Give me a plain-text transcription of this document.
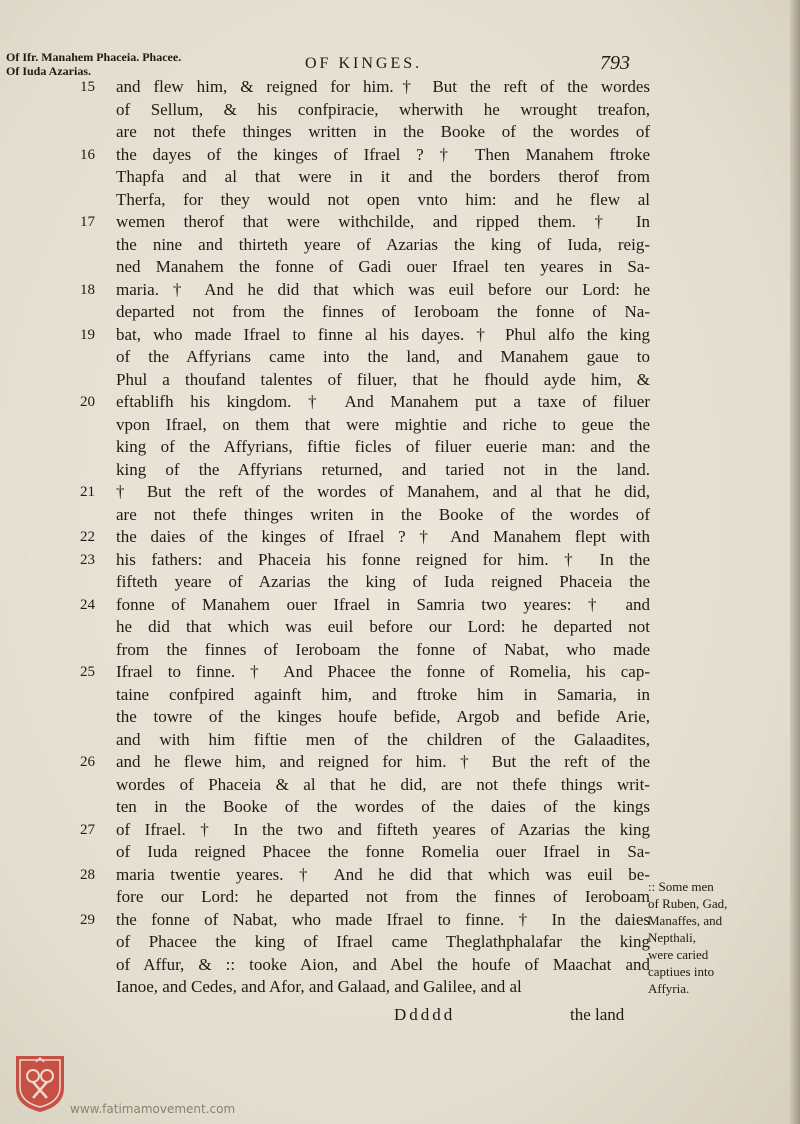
Of Ifr. Manahem Phaceia. Phacee.
Of Iuda Azarias.	OF KINGES.	793
15	and flew him, & reigned for him.† But the reft of the wordes
of Sellum, & his confpiracie, wherwith he wrought treafon,
are not thefe thinges written in the Booke of the wordes of
16	the dayes of the kinges of Ifrael ? † Then Manahem ftroke
Thapfa and al that were in it and the borders therof from
Therfa, for they would not open vnto him: and he flew al
17	wemen therof that were withchilde, and ripped them. † In
the nine and thirteth yeare of Azarias the king of Iuda, reig-
ned Manahem the fonne of Gadi ouer Ifrael ten yeares in Sa-
18	maria. † And he did that which was euil before our Lord: he
departed not from the finnes of Ieroboam the fonne of Na-
19	bat, who made Ifrael to finne al his dayes. † Phul alfo the king
of the Affyrians came into the land, and Manahem gaue to
Phul a thoufand talentes of filuer, that he fhould ayde him, &
20	eftablifh his kingdom. † And Manahem put a taxe of filuer
vpon Ifrael, on them that were mightie and riche to geue the
king of the Affyrians, fiftie ficles of filuer euerie man: and the
king of the Affyrians returned, and taried not in the land.
21	† But the reft of the wordes of Manahem, and al that he did,
are not thefe thinges writen in the Booke of the wordes of
22	the daies of the kinges of Ifrael ? † And Manahem flept with
23	his fathers: and Phaceia his fonne reigned for him. † In the
fifteth yeare of Azarias the king of Iuda reigned Phaceia the
24	fonne of Manahem ouer Ifrael in Samria two yeares: † and
he did that which was euil before our Lord: he departed not
from the finnes of Ieroboam the fonne of Nabat, who made
25	Ifrael to finne. † And Phacee the fonne of Romelia, his cap-
taine confpired againft him, and ftroke him in Samaria, in
the towre of the kinges houfe befide, Argob and befide Arie,
and with him fiftie men of the children of the Galaadites,
26	and he flewe him, and reigned for him. † But the reft of the
wordes of Phaceia & al that he did, are not thefe things writ-
ten in the Booke of the wordes of the daies of the kings
27	of Ifrael. † In the two and fifteth yeares of Azarias the king
of Iuda reigned Phacee the fonne Romelia ouer Ifrael in Sa-
28	maria twentie yeares. † And he did that which was euil be-
fore our Lord: he departed not from the finnes of Ieroboam
29	the fonne of Nabat, who made Ifrael to finne. † In the daies
of Phacee the king of Ifrael came Theglathphalafar the king
of Affur, & :: tooke Aion, and Abel the houfe of Maachat and
Ianoe, and Cedes, and Afor, and Galaad, and Galilee, and al
:: Some men
of Ruben, Gad,
Manaffes, and
Nepthali,
were caried
captiues into
Affyria.
Ddddd	the land
www.fatimamovement.com
